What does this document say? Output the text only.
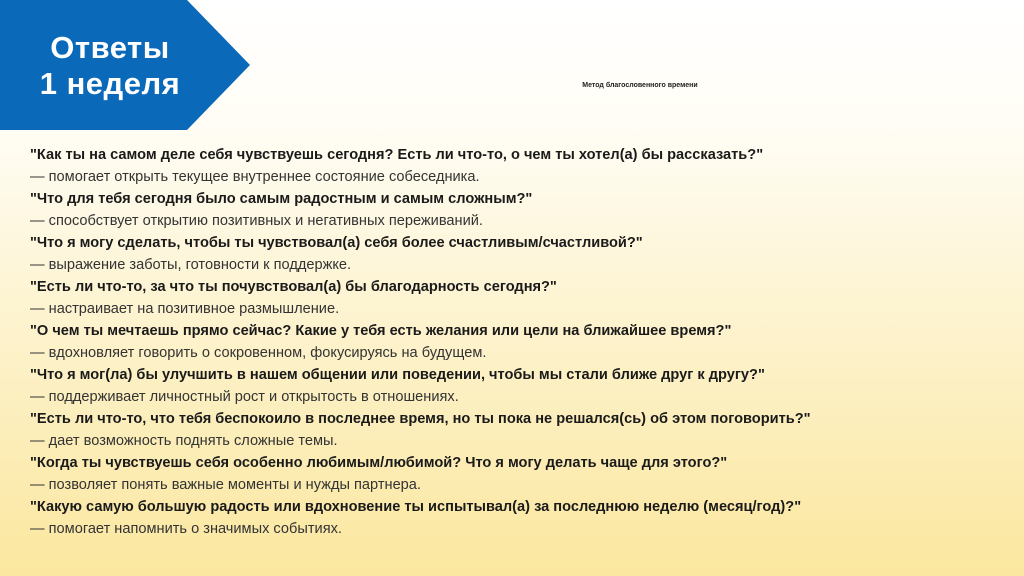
Ответы
1 неделя	Метод благословенного времени
"Как ты на самом деле себя чувствуешь сегодня? Есть ли что-то, о чем ты хотел(а) бы рассказать?"
— помогает открыть текущее внутреннее состояние собеседника.
"Что для тебя сегодня было самым радостным и самым сложным?"
— способствует открытию позитивных и негативных переживаний.
"Что я могу сделать, чтобы ты чувствовал(а) себя более счастливым/счастливой?"
— выражение заботы, готовности к поддержке.
"Есть ли что-то, за что ты почувствовал(а) бы благодарность сегодня?"
— настраивает на позитивное размышление.
"О чем ты мечтаешь прямо сейчас? Какие у тебя есть желания или цели на ближайшее время?"
— вдохновляет говорить о сокровенном, фокусируясь на будущем.
"Что я мог(ла) бы улучшить в нашем общении или поведении, чтобы мы стали ближе друг к другу?"
— поддерживает личностный рост и открытость в отношениях.
"Есть ли что-то, что тебя беспокоило в последнее время, но ты пока не решался(сь) об этом поговорить?"
— дает возможность поднять сложные темы.
"Когда ты чувствуешь себя особенно любимым/любимой? Что я могу делать чаще для этого?"
— позволяет понять важные моменты и нужды партнера.
"Какую самую большую радость или вдохновение ты испытывал(а) за последнюю неделю (месяц/год)?"
— помогает напомнить о значимых событиях.
